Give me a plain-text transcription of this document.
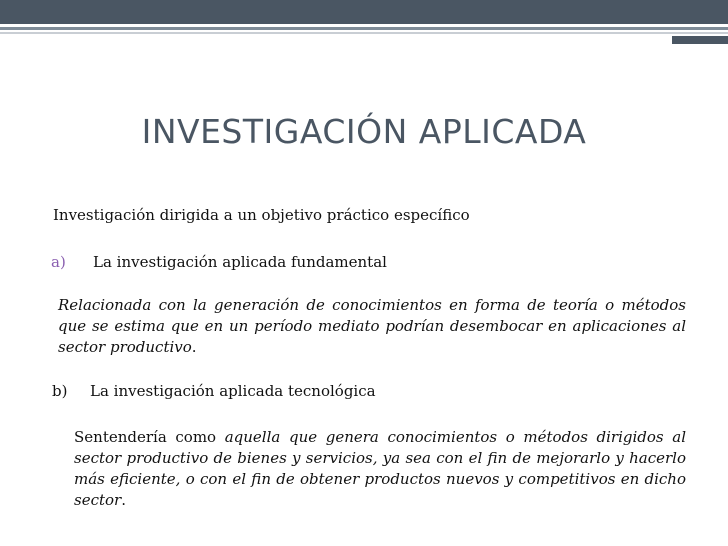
INVESTIGACIÓN APLICADA
Investigación dirigida a un objetivo práctico específico
a) La investigación aplicada fundamental
Relacionada con la generación de conocimientos en forma de teoría o métodos que se estima que en un período mediato podrían desembocar en aplicaciones al sector productivo.
b) La investigación aplicada tecnológica
Sentendería como aquella que genera conocimientos o métodos dirigidos al sector productivo de bienes y servicios, ya sea con el fin de mejorarlo y hacerlo más eficiente, o con el fin de obtener productos nuevos y competitivos en dicho sector.
